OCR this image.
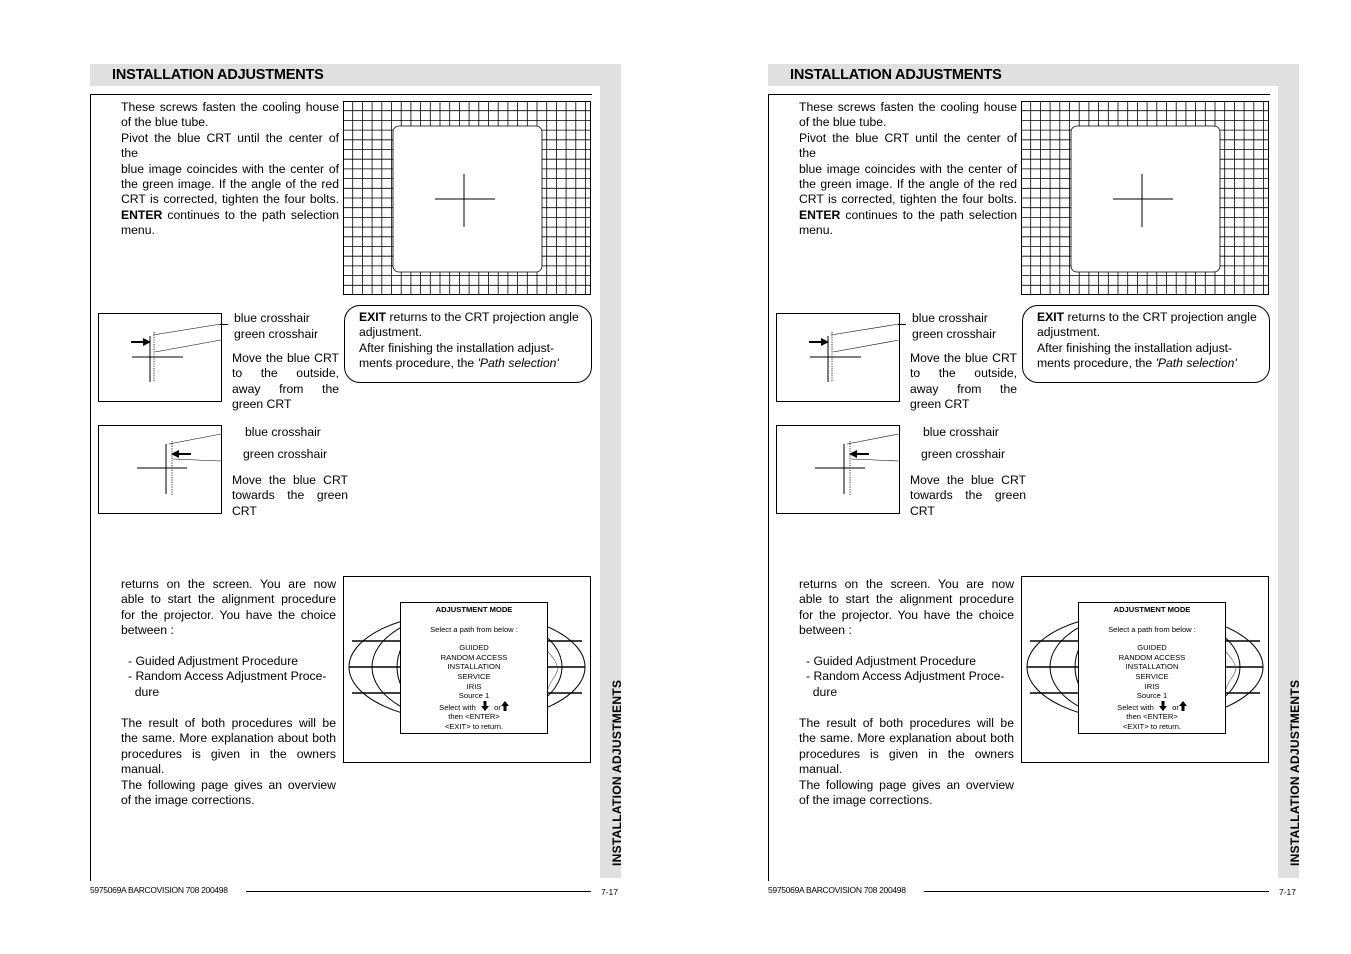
INSTALLATION ADJUSTMENTS
INSTALLATION ADJUSTMENTS

These screws fasten the cooling house

of the blue tube.

Pivot the blue CRT until the center of the

blue image coincides with the center of

the green image. If the angle of the red

CRT is corrected, tighten the four bolts.

ENTER continues to the path selection

menu.

blue crosshair
green crosshair

Move the blue CRT

to the outside,

away from the

green CRT

EXIT returns to the CRT projection angle

adjustment.

After finishing the installation adjust-

ments procedure, the 'Path selection'

blue crosshair
green crosshair

Move the blue CRT

towards the green

CRT

returns on the screen. You are now

able to start the alignment procedure

for the projector. You have the choice

between :

- Guided Adjustment Procedure

- Random Access Adjustment Proce-

dure

The result of both procedures will be

the same. More explanation about both

procedures is given in the owners

manual.

The following page gives an overview

of the image corrections.

ADJUSTMENT MODE

Select a path from below :

GUIDED

RANDOM ACCESS

INSTALLATION

SERVICE

IRIS

Source 1

Select with or

then <ENTER>

<EXIT> to return.

5975069A BARCOVISION 708 200498	7-17
INSTALLATION ADJUSTMENTS
INSTALLATION ADJUSTMENTS

These screws fasten the cooling house

of the blue tube.

Pivot the blue CRT until the center of the

blue image coincides with the center of

the green image. If the angle of the red

CRT is corrected, tighten the four bolts.

ENTER continues to the path selection

menu.

blue crosshair
green crosshair

Move the blue CRT

to the outside,

away from the

green CRT

EXIT returns to the CRT projection angle

adjustment.

After finishing the installation adjust-

ments procedure, the 'Path selection'

blue crosshair
green crosshair

Move the blue CRT

towards the green

CRT

returns on the screen. You are now

able to start the alignment procedure

for the projector. You have the choice

between :

- Guided Adjustment Procedure

- Random Access Adjustment Proce-

dure

The result of both procedures will be

the same. More explanation about both

procedures is given in the owners

manual.

The following page gives an overview

of the image corrections.

ADJUSTMENT MODE

Select a path from below :

GUIDED

RANDOM ACCESS

INSTALLATION

SERVICE

IRIS

Source 1

Select with or

then <ENTER>

<EXIT> to return.

5975069A BARCOVISION 708 200498	7-17
